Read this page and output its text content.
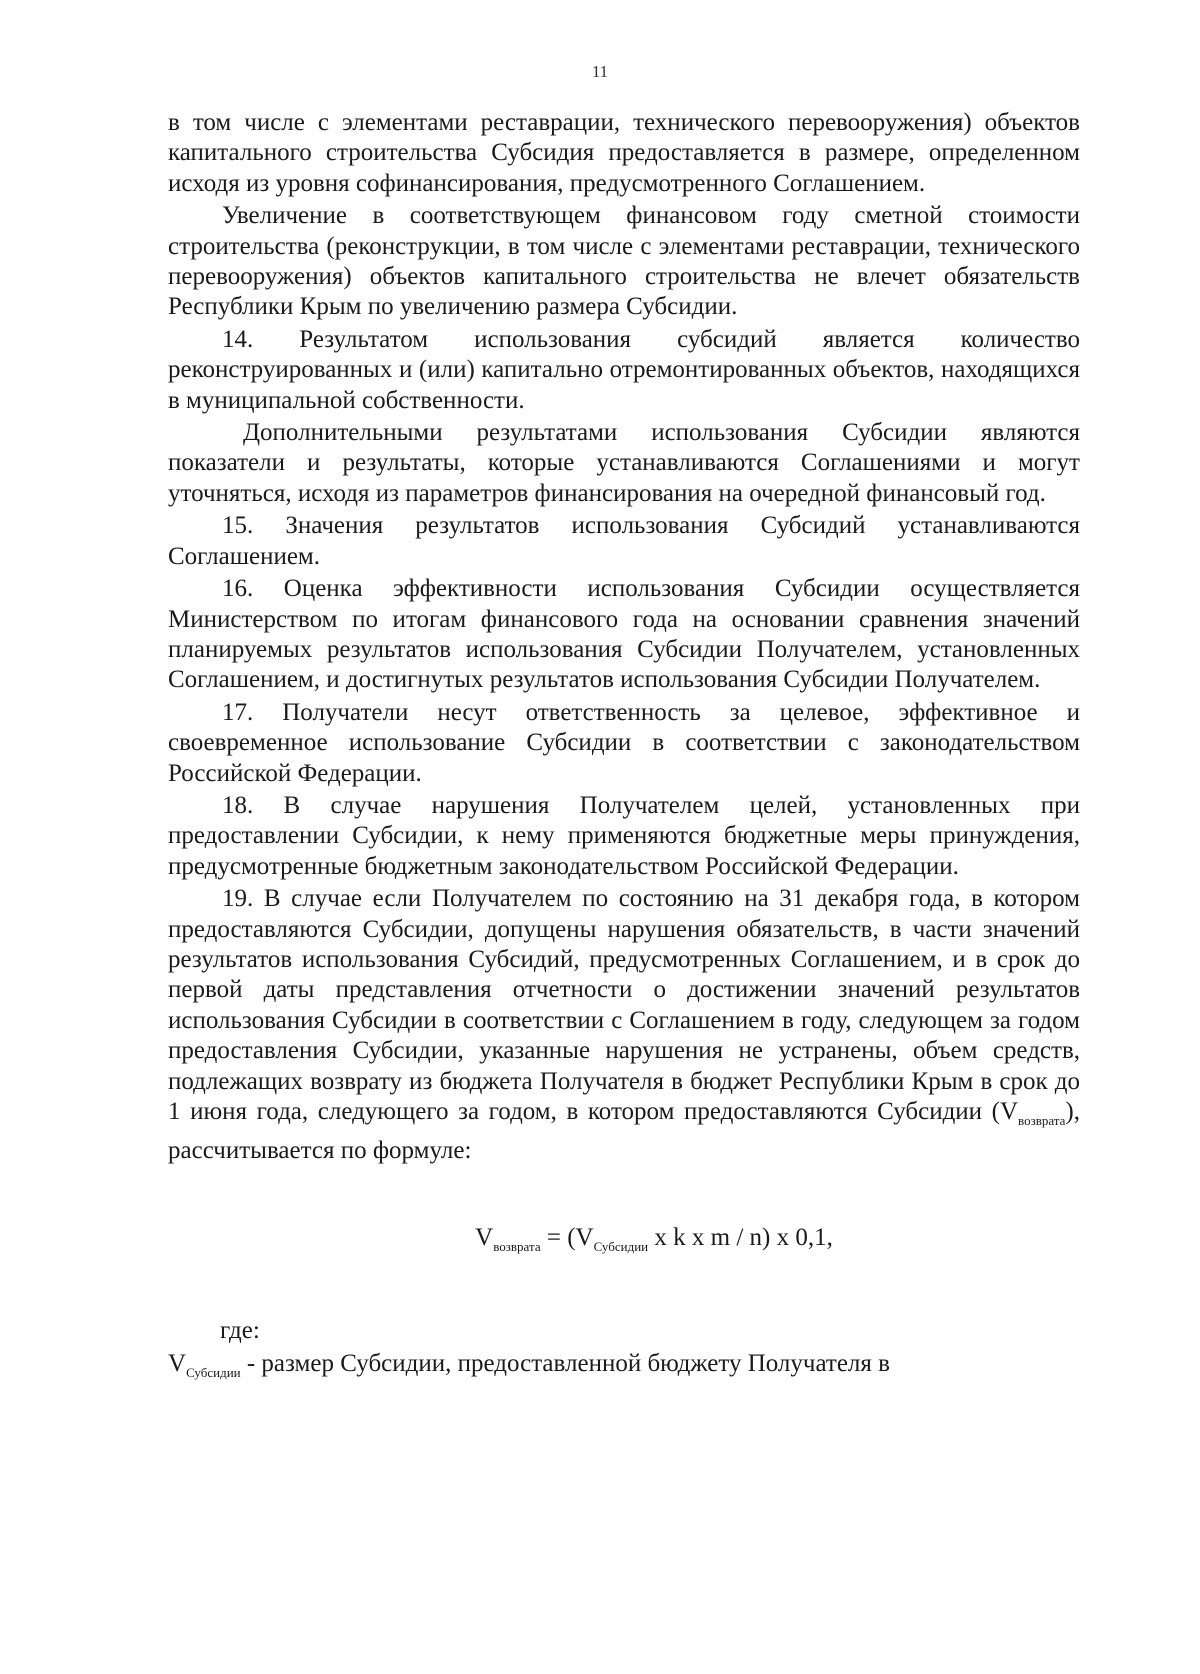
11

в том числе с элементами реставрации, технического перевооружения) объектов капитального строительства Субсидия предоставляется в размере, определенном исходя из уровня софинансирования, предусмотренного Соглашением.

Увеличение в соответствующем финансовом году сметной стоимости строительства (реконструкции, в том числе с элементами реставрации, технического перевооружения) объектов капитального строительства не влечет обязательств Республики Крым по увеличению размера Субсидии.

14. Результатом использования субсидий является количество реконструированных и (или) капитально отремонтированных объектов, находящихся в муниципальной собственности.

Дополнительными результатами использования Субсидии являются показатели и результаты, которые устанавливаются Соглашениями и могут уточняться, исходя из параметров финансирования на очередной финансовый год.

15. Значения результатов использования Субсидий устанавливаются Соглашением.

16. Оценка эффективности использования Субсидии осуществляется Министерством по итогам финансового года на основании сравнения значений планируемых результатов использования Субсидии Получателем, установленных Соглашением, и достигнутых результатов использования Субсидии Получателем.

17. Получатели несут ответственность за целевое, эффективное и своевременное использование Субсидии в соответствии с законодательством Российской Федерации.

18. В случае нарушения Получателем целей, установленных при предоставлении Субсидии, к нему применяются бюджетные меры принуждения, предусмотренные бюджетным законодательством Российской Федерации.

19. В случае если Получателем по состоянию на 31 декабря года, в котором предоставляются Субсидии, допущены нарушения обязательств, в части значений результатов использования Субсидий, предусмотренных Соглашением, и в срок до первой даты представления отчетности о достижении значений результатов использования Субсидии в соответствии с Соглашением в году, следующем за годом предоставления Субсидии, указанные нарушения не устранены, объем средств, подлежащих возврату из бюджета Получателя в бюджет Республики Крым в срок до 1 июня года, следующего за годом, в котором предоставляются Субсидии $(V_{возврата})$, рассчитывается по формуле:

$V_{возврата} = (V_{Субсидии}$ x k x m / n) x 0,1,

где:

$V_{Субсидии}$ - размер Субсидии, предоставленной бюджету Получателя в
